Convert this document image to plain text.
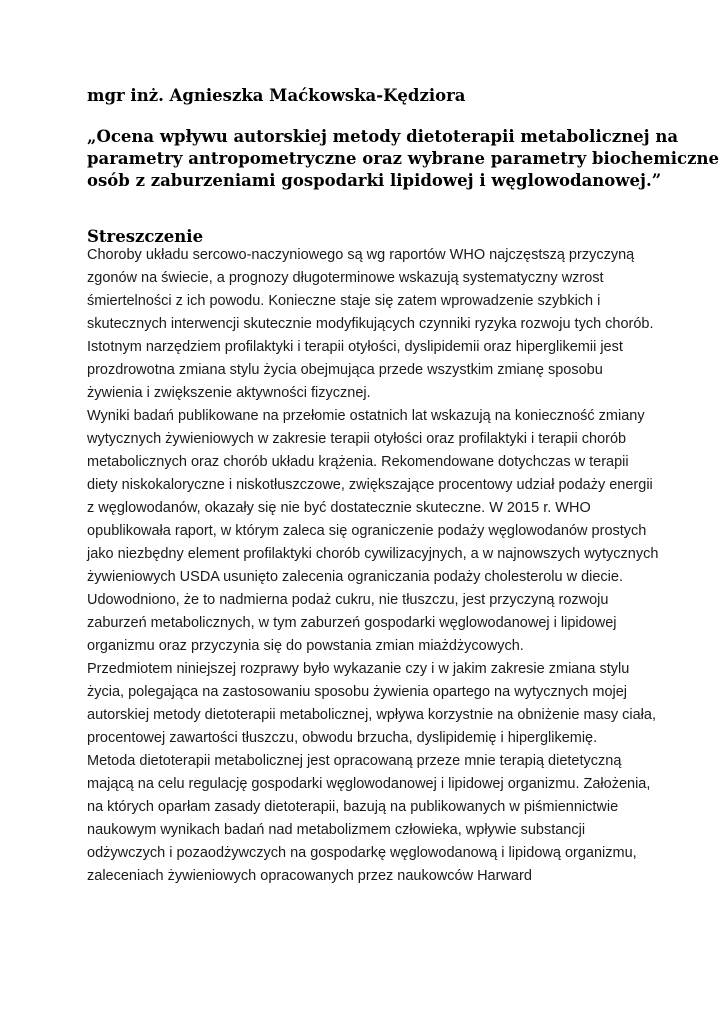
mgr inż. Agnieszka Maćkowska-Kędziora
„Ocena wpływu autorskiej metody dietoterapii metabolicznej na
parametry antropometryczne oraz wybrane parametry biochemiczne
osób z zaburzeniami gospodarki lipidowej i węglowodanowej.”
Streszczenie
Choroby układu sercowo-naczyniowego są wg raportów WHO najczęstszą przyczyną
zgonów na świecie, a prognozy długoterminowe wskazują systematyczny wzrost
śmiertelności z ich powodu. Konieczne staje się zatem wprowadzenie szybkich i
skutecznych interwencji skutecznie modyfikujących czynniki ryzyka rozwoju tych chorób.
Istotnym narzędziem profilaktyki i terapii otyłości, dyslipidemii oraz hiperglikemii jest
prozdrowotna zmiana stylu życia obejmująca przede wszystkim zmianę sposobu
żywienia i zwiększenie aktywności fizycznej.
Wyniki badań publikowane na przełomie ostatnich lat wskazują na konieczność zmiany
wytycznych żywieniowych w zakresie terapii otyłości oraz profilaktyki i terapii chorób
metabolicznych oraz chorób układu krążenia. Rekomendowane dotychczas w terapii
diety niskokaloryczne i niskotłuszczowe, zwiększające procentowy udział podaży energii
z węglowodanów, okazały się nie być dostatecznie skuteczne. W 2015 r. WHO
opublikowała raport, w którym zaleca się ograniczenie podaży węglowodanów prostych
jako niezbędny element profilaktyki chorób cywilizacyjnych, a w najnowszych wytycznych
żywieniowych USDA usunięto zalecenia ograniczania podaży cholesterolu w diecie.
Udowodniono, że to nadmierna podaż cukru, nie tłuszczu, jest przyczyną rozwoju
zaburzeń metabolicznych, w tym zaburzeń gospodarki węglowodanowej i lipidowej
organizmu oraz przyczynia się do powstania zmian miażdżycowych.
Przedmiotem niniejszej rozprawy było wykazanie czy i w jakim zakresie zmiana stylu
życia, polegająca na zastosowaniu sposobu żywienia opartego na wytycznych mojej
autorskiej metody dietoterapii metabolicznej, wpływa korzystnie na obniżenie masy ciała,
procentowej zawartości tłuszczu, obwodu brzucha, dyslipidemię i hiperglikemię.
Metoda dietoterapii metabolicznej jest opracowaną przeze mnie terapią dietetyczną
mającą na celu regulację gospodarki węglowodanowej i lipidowej organizmu. Założenia,
na których oparłam zasady dietoterapii, bazują na publikowanych w piśmiennictwie
naukowym wynikach badań nad metabolizmem człowieka, wpływie substancji
odżywczych i pozaodżywczych na gospodarkę węglowodanową i lipidową organizmu,
zaleceniach żywieniowych opracowanych przez naukowców Harward
